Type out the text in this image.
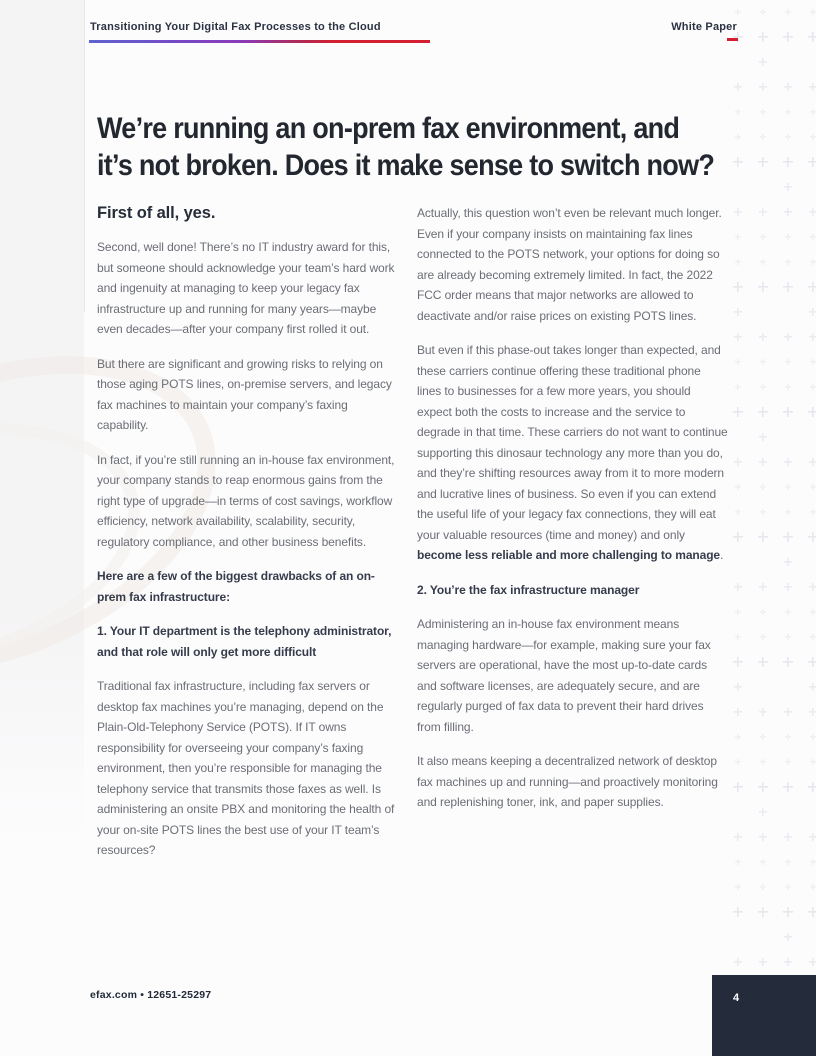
Transitioning Your Digital Fax Processes to the Cloud	White Paper
We’re running an on-prem fax environment, and
it’s not broken. Does it make sense to switch now?
First of all, yes.

Second, well done! There’s no IT industry award for this, but someone should acknowledge your team’s hard work and ingenuity at managing to keep your legacy fax infrastructure up and running for many years—maybe even decades—after your company first rolled it out.

But there are significant and growing risks to relying on those aging POTS lines, on-premise servers, and legacy fax machines to maintain your company’s faxing capability.

In fact, if you’re still running an in-house fax environment, your company stands to reap enormous gains from the right type of upgrade—in terms of cost savings, workflow efficiency, network availability, scalability, security, regulatory compliance, and other business benefits.

Here are a few of the biggest drawbacks of an on-prem fax infrastructure:

1. Your IT department is the telephony administrator, and that role will only get more difficult

Traditional fax infrastructure, including fax servers or desktop fax machines you’re managing, depend on the Plain-Old-Telephony Service (POTS). If IT owns responsibility for overseeing your company’s faxing environment, then you’re responsible for managing the telephony service that transmits those faxes as well. Is administering an onsite PBX and monitoring the health of your on-site POTS lines the best use of your IT team’s resources?

Actually, this question won’t even be relevant much longer. Even if your company insists on maintaining fax lines connected to the POTS network, your options for doing so are already becoming extremely limited. In fact, the 2022 FCC order means that major networks are allowed to deactivate and/or raise prices on existing POTS lines.

But even if this phase-out takes longer than expected, and these carriers continue offering these traditional phone lines to businesses for a few more years, you should expect both the costs to increase and the service to degrade in that time. These carriers do not want to continue supporting this dinosaur technology any more than you do, and they’re shifting resources away from it to more modern and lucrative lines of business. So even if you can extend the useful life of your legacy fax connections, they will eat your valuable resources (time and money) and only become less reliable and more challenging to manage.

2. You’re the fax infrastructure manager

Administering an in-house fax environment means managing hardware—for example, making sure your fax servers are operational, have the most up-to-date cards and software licenses, are adequately secure, and are regularly purged of fax data to prevent their hard drives from filling.

It also means keeping a decentralized network of desktop fax machines up and running—and proactively monitoring and replenishing toner, ink, and paper supplies.

efax.com • 12651-25297	4
